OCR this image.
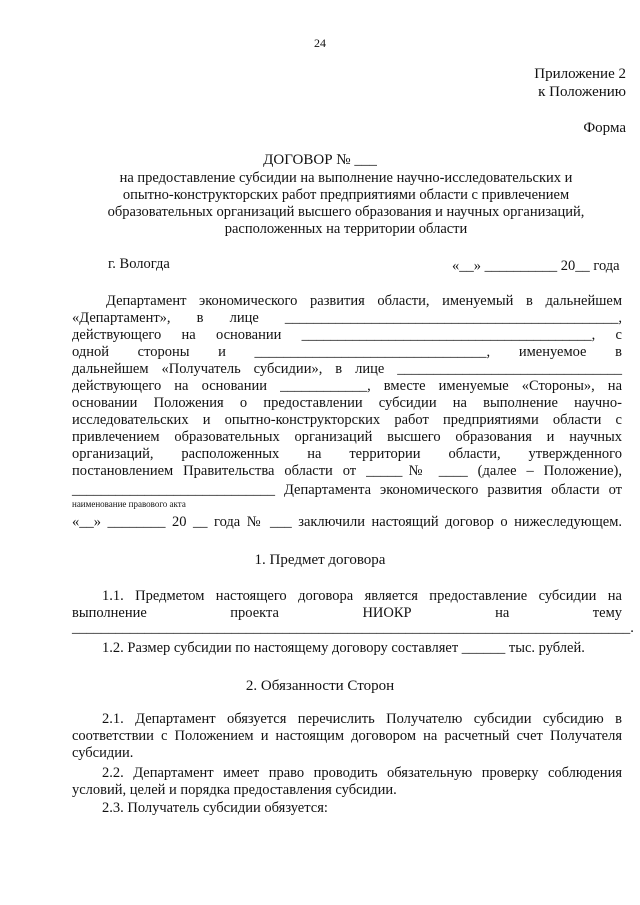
24
Приложение 2
к Положению
Форма
ДОГОВОР № ___
на предоставление субсидии на выполнение научно-исследовательских и
опытно-конструкторских работ предприятиями области с привлечением
образовательных организаций высшего образования и научных организаций,
расположенных на территории области
г. Вологда	«__» __________ 20__ года
Департамент экономического развития области, именуемый в дальнейшем
«Департамент», в лице ______________________________________________,
действующего на основании ________________________________________, с
одной стороны и ________________________________, именуемое в
дальнейшем «Получатель субсидии», в лице _______________________________
действующего на основании ____________, вместе именуемые «Стороны», на
основании Положения о предоставлении субсидии на выполнение научно-
исследовательских и опытно-конструкторских работ предприятиями области с
привлечением образовательных организаций высшего образования и научных
организаций, расположенных на территории области, утвержденного
постановлением Правительства области от _____№ ____ (далее – Положение),
____________________________ Департамента экономического развития области от
наименование правового акта
«__» ________ 20 __ года № ___ заключили настоящий договор о нижеследующем.
1. Предмет договора
1.1. Предметом настоящего договора является предоставление субсидии на
выполнение проекта НИОКР на тему
_____________________________________________________________________________.
1.2. Размер субсидии по настоящему договору составляет ______ тыс. рублей.
2. Обязанности Сторон
2.1. Департамент обязуется перечислить Получателю субсидии субсидию в
соответствии с Положением и настоящим договором на расчетный счет Получателя
субсидии.
2.2. Департамент имеет право проводить обязательную проверку соблюдения
условий, целей и порядка предоставления субсидии.
2.3. Получатель субсидии обязуется:
